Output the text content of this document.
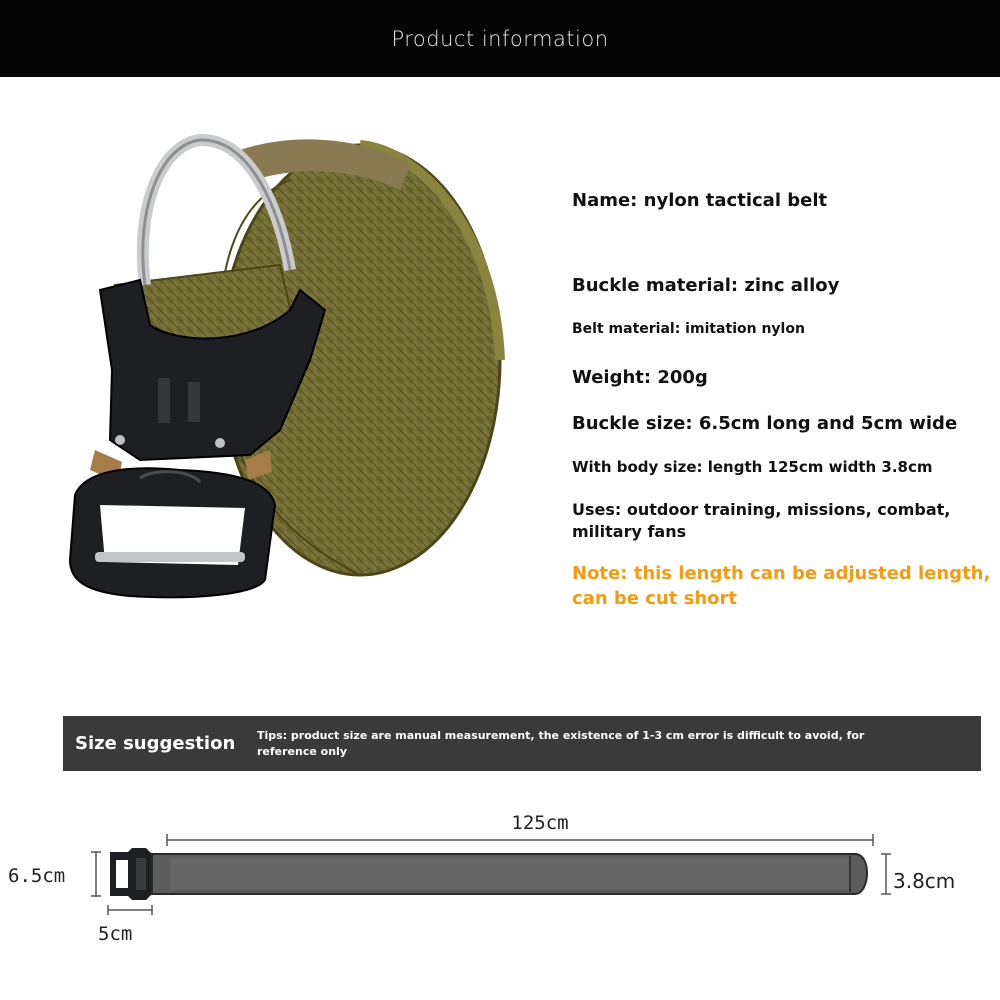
Product information
Name: nylon tactical belt
Buckle material: zinc alloy
Belt material: imitation nylon
Weight: 200g
Buckle size: 6.5cm long and 5cm wide
With body size: length 125cm width 3.8cm
Uses: outdoor training, missions, combat, military fans
Note: this length can be adjusted length, can be cut short
Size suggestion	Tips: product size are manual measurement, the existence of 1-3 cm error is difficult to avoid, for reference only
125cm
6.5cm
5cm
3.8cm
